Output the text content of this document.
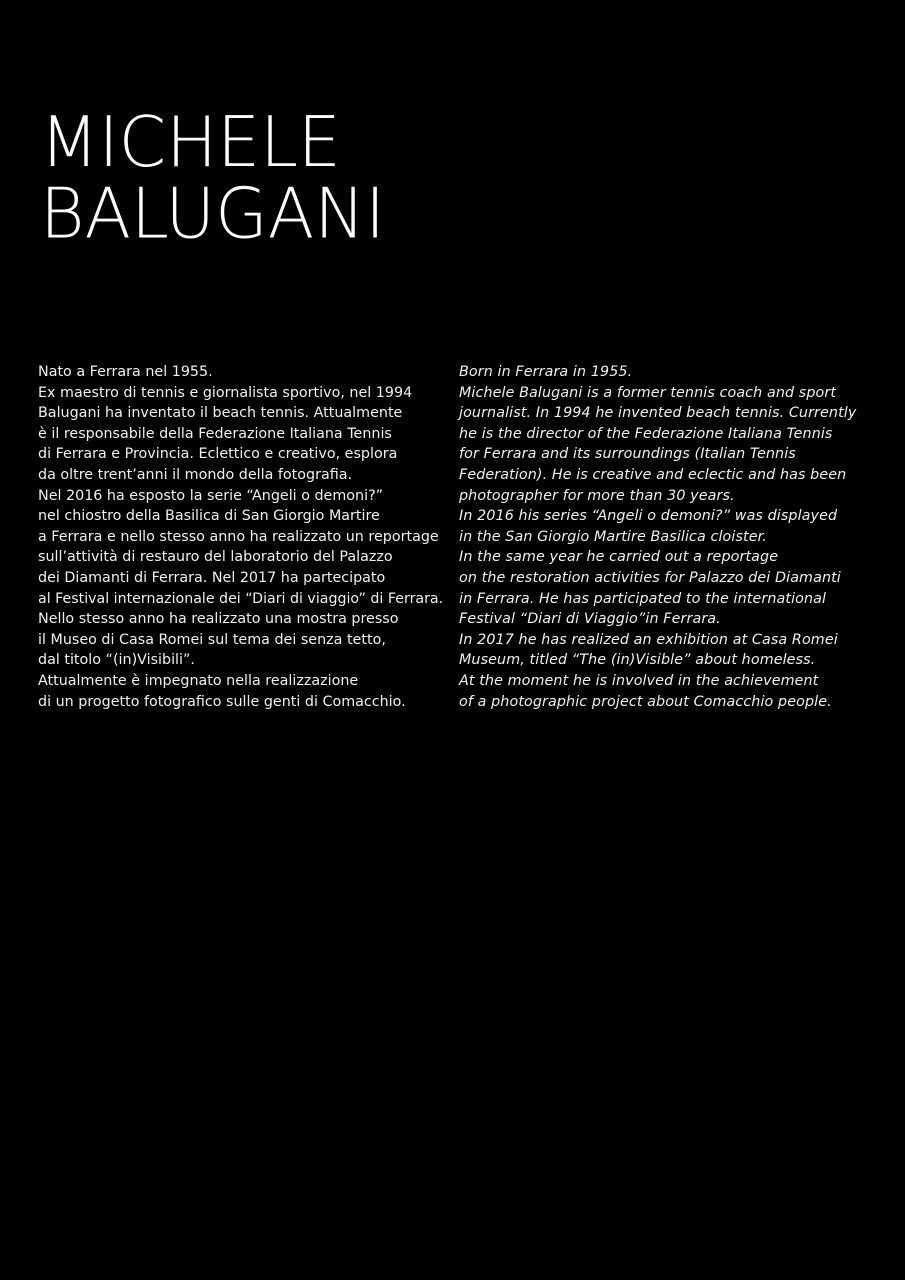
MICHELE
BALUGANI
Nato a Ferrara nel 1955.
Ex maestro di tennis e giornalista sportivo, nel 1994
Balugani ha inventato il beach tennis. Attualmente
è il responsabile della Federazione Italiana Tennis
di Ferrara e Provincia. Eclettico e creativo, esplora
da oltre trent’anni il mondo della fotografia.
Nel 2016 ha esposto la serie “Angeli o demoni?”
nel chiostro della Basilica di San Giorgio Martire
a Ferrara e nello stesso anno ha realizzato un reportage
sull’attività di restauro del laboratorio del Palazzo
dei Diamanti di Ferrara. Nel 2017 ha partecipato
al Festival internazionale dei “Diari di viaggio” di Ferrara.
Nello stesso anno ha realizzato una mostra presso
il Museo di Casa Romei sul tema dei senza tetto,
dal titolo “(in)Visibili”.
Attualmente è impegnato nella realizzazione
di un progetto fotografico sulle genti di Comacchio.
Born in Ferrara in 1955.
Michele Balugani is a former tennis coach and sport
journalist. In 1994 he invented beach tennis. Currently
he is the director of the Federazione Italiana Tennis
for Ferrara and its surroundings (Italian Tennis
Federation). He is creative and eclectic and has been
photographer for more than 30 years.
In 2016 his series “Angeli o demoni?” was displayed
in the San Giorgio Martire Basilica cloister.
In the same year he carried out a reportage
on the restoration activities for Palazzo dei Diamanti
in Ferrara. He has participated to the international
Festival “Diari di Viaggio”in Ferrara.
In 2017 he has realized an exhibition at Casa Romei
Museum, titled “The (in)Visible” about homeless.
At the moment he is involved in the achievement
of a photographic project about Comacchio people.
